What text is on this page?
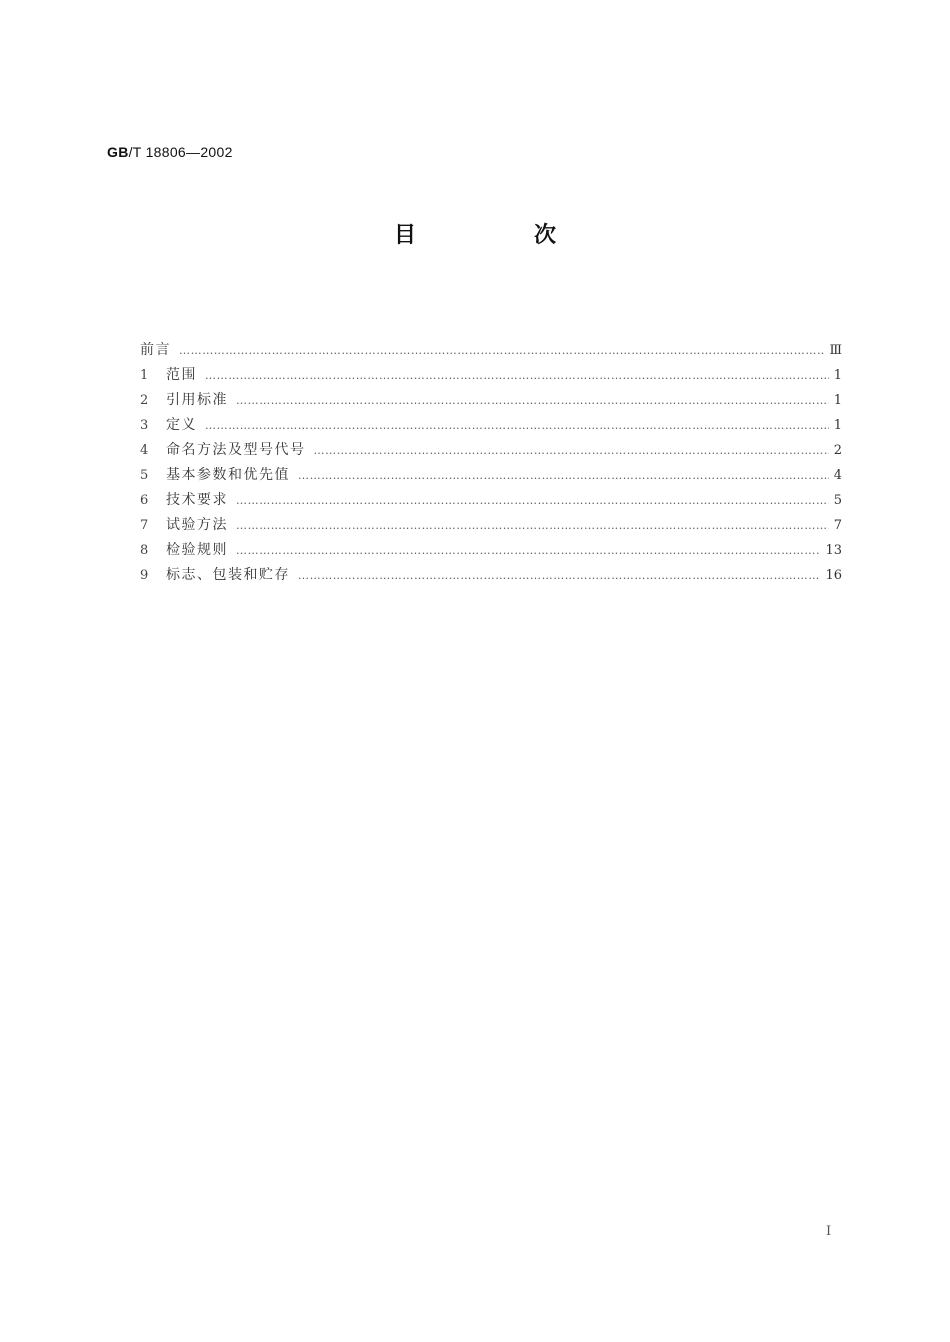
GB/T 18806—2002
目　次
前言 ……………………………………………………………………………………………………………………………………………………………………………………………………………	Ⅲ
1	范围 ……………………………………………………………………………………………………………………………………………………………………………………………………………	1
2	引用标准 ……………………………………………………………………………………………………………………………………………………………………………………………………………	1
3	定义 ……………………………………………………………………………………………………………………………………………………………………………………………………………	1
4	命名方法及型号代号 ……………………………………………………………………………………………………………………………………………………………………………………………………………	2
5	基本参数和优先值 ……………………………………………………………………………………………………………………………………………………………………………………………………………	4
6	技术要求 ……………………………………………………………………………………………………………………………………………………………………………………………………………	5
7	试验方法 ……………………………………………………………………………………………………………………………………………………………………………………………………………	7
8	检验规则 ……………………………………………………………………………………………………………………………………………………………………………………………………………	13
9	标志、包装和贮存 ……………………………………………………………………………………………………………………………………………………………………………………………………………	16
I
